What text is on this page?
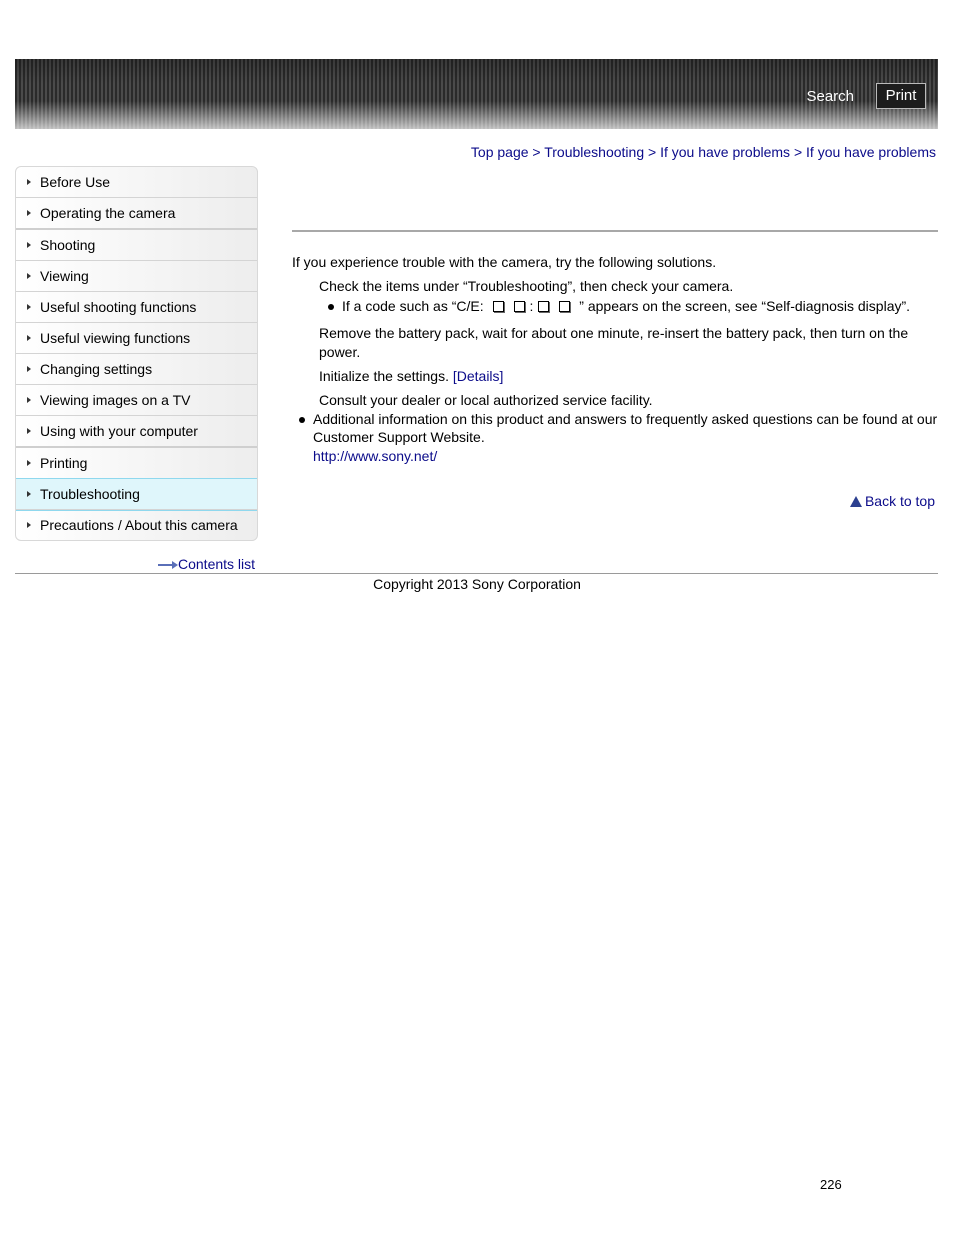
Search	Print
Top page > Troubleshooting > If you have problems > If you have problems
Before Use
Operating the camera
Shooting
Viewing
Useful shooting functions
Useful viewing functions
Changing settings
Viewing images on a TV
Using with your computer
Printing
Troubleshooting
Precautions / About this camera
Contents list
If you experience trouble with the camera, try the following solutions.
Check the items under “Troubleshooting”, then check your camera.
If a code such as “C/E:	:	” appears on the screen, see “Self-diagnosis display”.
Remove the battery pack, wait for about one minute, re-insert the battery pack, then turn on the
power.
Initialize the settings. [Details]
Consult your dealer or local authorized service facility.
Additional information on this product and answers to frequently asked questions can be found at our
Customer Support Website.
http://www.sony.net/
Back to top
Copyright 2013 Sony Corporation
226
